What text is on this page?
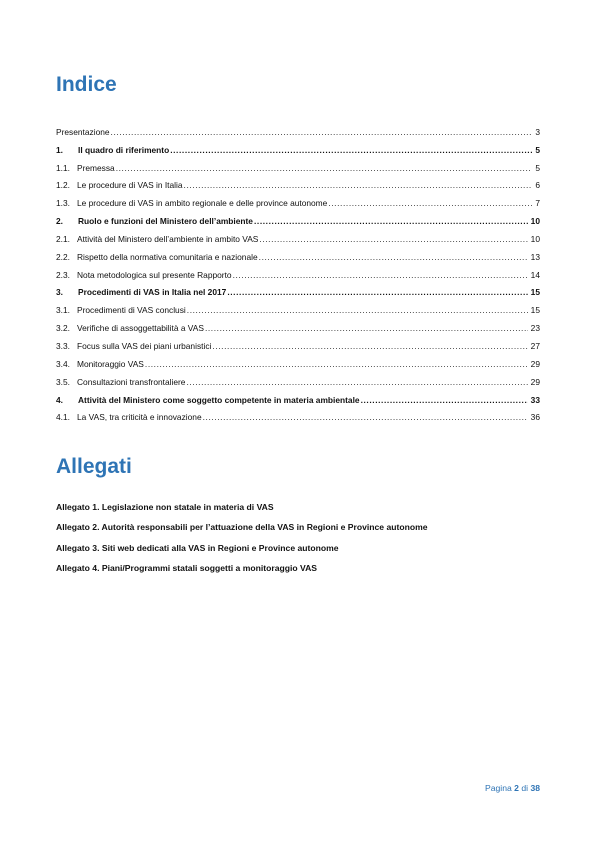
Indice
Presentazione .....	3
1.	Il quadro di riferimento .....	5
1.1. Premessa .....	5
1.2. Le procedure di VAS in Italia .....	6
1.3. Le procedure di VAS in ambito regionale e delle province autonome .....	7
2.	Ruolo e funzioni del Ministero dell’ambiente .....	10
2.1. Attività del Ministero dell’ambiente in ambito VAS .....	10
2.2. Rispetto della normativa comunitaria e nazionale .....	13
2.3. Nota metodologica sul presente Rapporto .....	14
3.	Procedimenti di VAS in Italia nel 2017 .....	15
3.1. Procedimenti di VAS conclusi .....	15
3.2. Verifiche di assoggettabilità a VAS .....	23
3.3. Focus sulla VAS dei piani urbanistici .....	27
3.4. Monitoraggio VAS .....	29
3.5. Consultazioni transfrontaliere .....	29
4.	Attività del Ministero come soggetto competente in materia ambientale .....	33
4.1. La VAS, tra criticità e innovazione .....	36
Allegati
Allegato 1. Legislazione non statale in materia di VAS
Allegato 2. Autorità responsabili per l’attuazione della VAS in Regioni e Province autonome
Allegato 3. Siti web dedicati alla VAS in Regioni e Province autonome
Allegato 4. Piani/Programmi statali soggetti a monitoraggio VAS
Pagina 2 di 38
